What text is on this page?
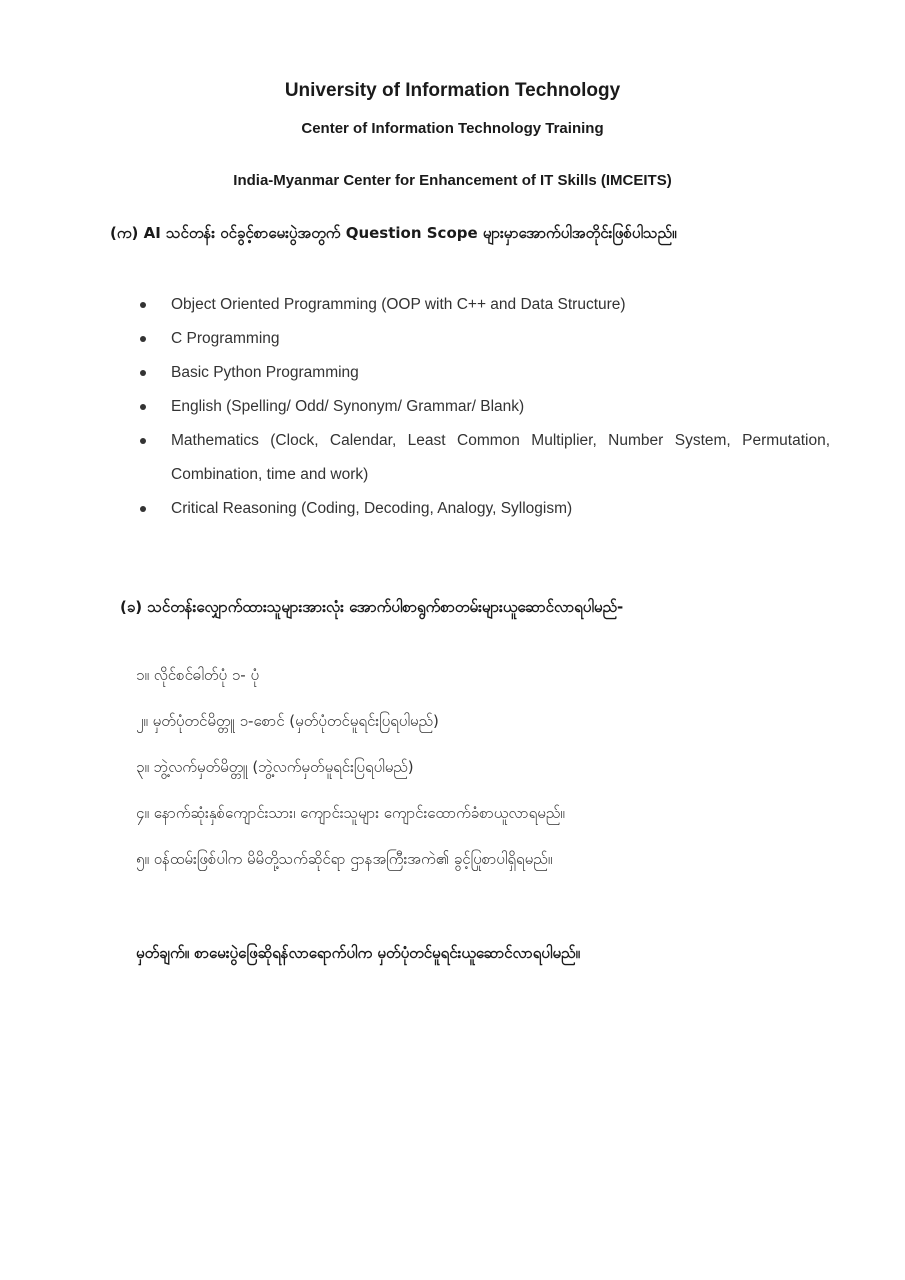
University of Information Technology
Center of Information Technology Training
India-Myanmar Center for Enhancement of IT Skills (IMCEITS)
(က) AI သင်တန်း ဝင်ခွင့်စာမေးပွဲအတွက် Question Scope များမှာအောက်ပါအတိုင်းဖြစ်ပါသည်။
Object Oriented Programming (OOP with C++ and Data Structure)
C Programming
Basic Python Programming
English (Spelling/ Odd/ Synonym/ Grammar/ Blank)
Mathematics (Clock, Calendar, Least Common Multiplier, Number System, Permutation, Combination, time and work)
Critical Reasoning (Coding, Decoding, Analogy, Syllogism)
(ခ) သင်တန်းလျှောက်ထားသူများအားလုံး အောက်ပါစာရွက်စာတမ်းများယူဆောင်လာရပါမည်-
၁။ လိုင်စင်ဓါတ်ပုံ ၁- ပုံ
၂။ မှတ်ပုံတင်မိတ္တူ ၁-စောင် (မှတ်ပုံတင်မူရင်းပြရပါမည်)
၃။ ဘွဲ့လက်မှတ်မိတ္တူ (ဘွဲ့လက်မှတ်မူရင်းပြရပါမည်)
၄။ နောက်ဆုံးနှစ်ကျောင်းသား၊ ကျောင်းသူများ ကျောင်းထောက်ခံစာယူလာရမည်။
၅။ ဝန်ထမ်းဖြစ်ပါက မိမိတို့သက်ဆိုင်ရာ ဌာနအကြီးအကဲ၏ ခွင့်ပြုစာပါရှိရမည်။
မှတ်ချက်။ စာမေးပွဲဖြေဆိုရန်လာရောက်ပါက မှတ်ပုံတင်မူရင်းယူဆောင်လာရပါမည်။
